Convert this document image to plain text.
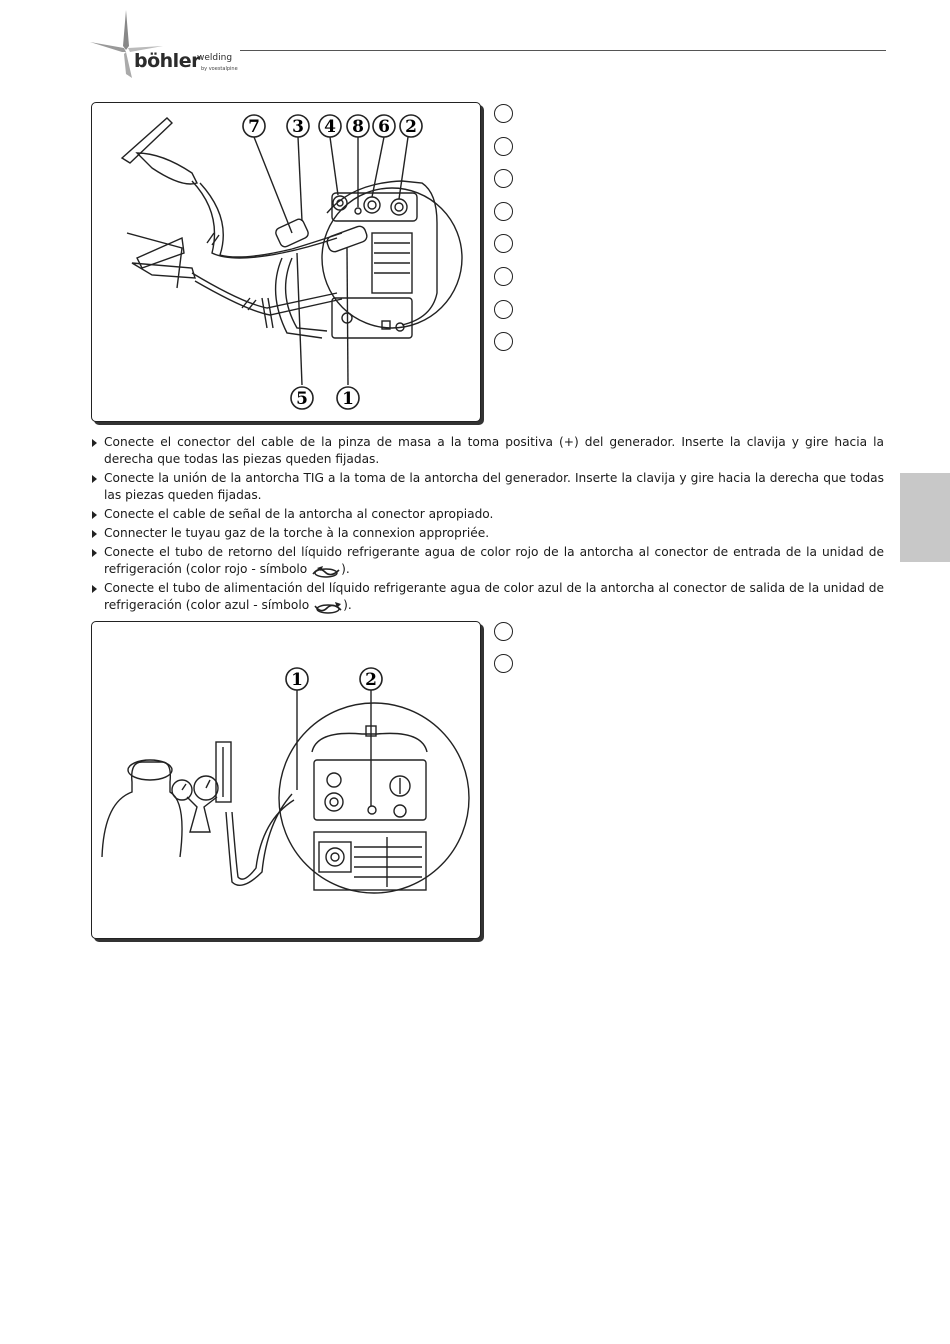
böhler
welding
by voestalpine
7 3 4 8 6 2
5 1
Conecte el conector del cable de la pinza de masa a la toma positiva (+) del generador. Inserte la clavija y gire hacia la derecha que todas las piezas queden fijadas.
Conecte la unión de la antorcha TIG a la toma de la antorcha del generador. Inserte la clavija y gire hacia la derecha que todas las piezas queden fijadas.
Conecte el cable de señal de la antorcha al conector apropiado.
Connecter le tuyau gaz de la torche à la connexion appropriée.
Conecte el tubo de retorno del líquido refrigerante agua de color rojo de la antorcha al conector de entrada de la unidad de refrigeración (color rojo - símbolo	).
Conecte el tubo de alimentación del líquido refrigerante agua de color azul de la antorcha al conector de salida de la unidad de refrigeración (color azul - símbolo	).
1	2
